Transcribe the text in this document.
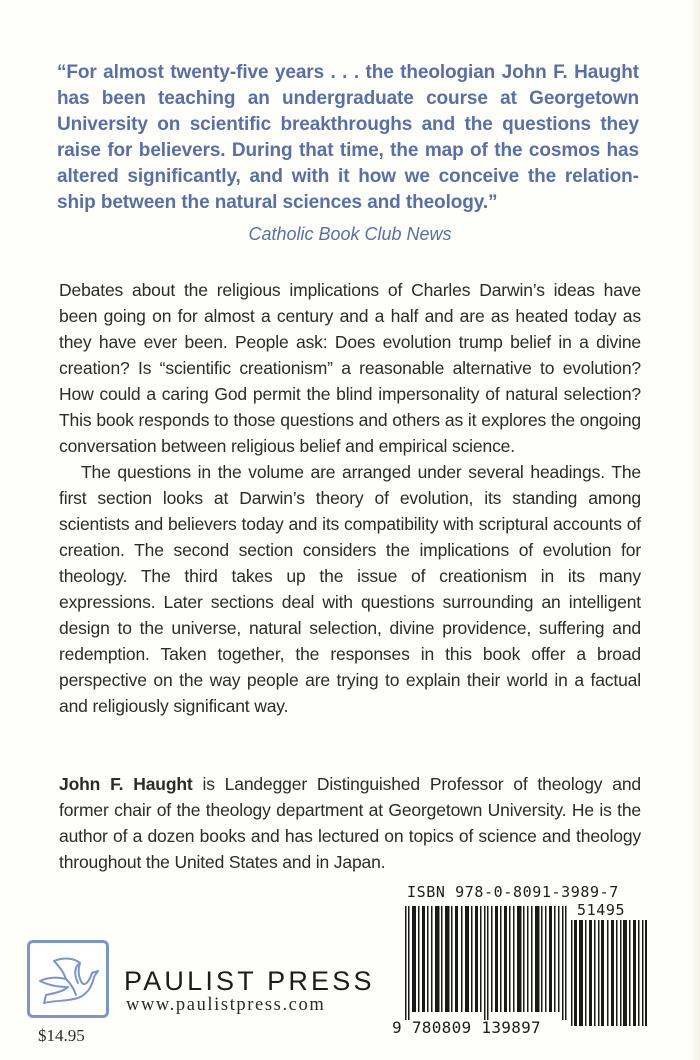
“For almost twenty-five years . . . the theologian John F. Haught has been teaching an undergraduate course at Georgetown University on scientific breakthroughs and the questions they raise for believers. During that time, the map of the cosmos has altered significantly, and with it how we conceive the relationship between the natural sciences and theology.”

Catholic Book Club News

Debates about the religious implications of Charles Darwin’s ideas have been going on for almost a century and a half and are as heated today as they have ever been. People ask: Does evolution trump belief in a divine creation? Is “scientific creationism” a reasonable alternative to evolution? How could a caring God permit the blind impersonality of natural selection? This book responds to those questions and others as it explores the ongoing conversation between religious belief and empirical science.

The questions in the volume are arranged under several headings. The first section looks at Darwin’s theory of evolution, its standing among scientists and believers today and its compatibility with scriptural accounts of creation. The second section considers the implications of evolution for theology. The third takes up the issue of creationism in its many expressions. Later sections deal with questions surrounding an intelligent design to the universe, natural selection, divine providence, suffering and redemption. Taken together, the responses in this book offer a broad perspective on the way people are trying to explain their world in a factual and religiously significant way.

John F. Haught is Landegger Distinguished Professor of theology and former chair of the theology department at Georgetown University. He is the author of a dozen books and has lectured on topics of science and theology throughout the United States and in Japan.

ISBN 978-0-8091-3989-7
51495
9 780809 139897
PAULIST PRESS
www.paulistpress.com
$14.95
